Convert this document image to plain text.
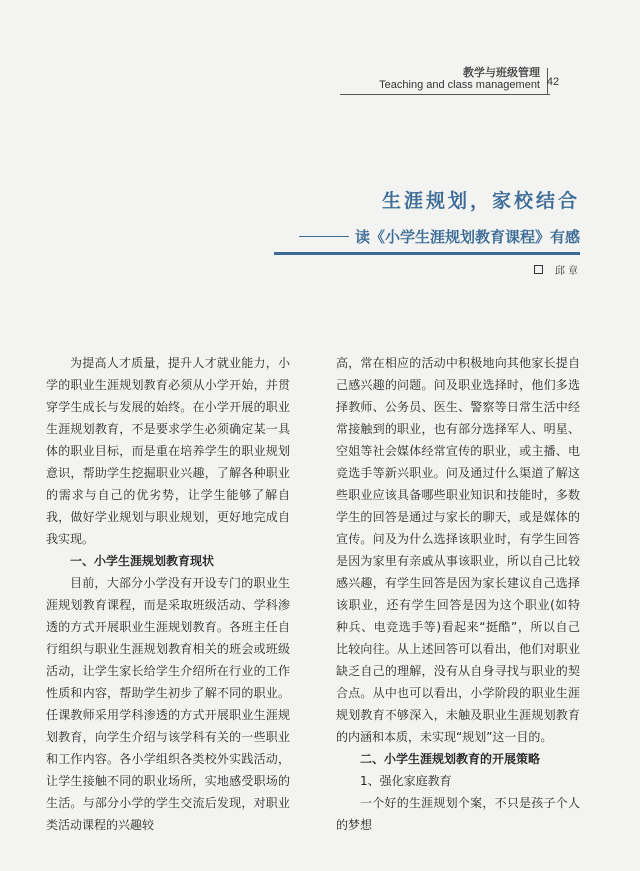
教学与班级管理
Teaching and class management 42
生涯规划，家校结合
读《小学生涯规划教育课程》有感
邱 章

为提高人才质量，提升人才就业能力，小学的职业生涯规划教育必须从小学开始，并贯穿学生成长与发展的始终。在小学开展的职业生涯规划教育，不是要求学生必须确定某一具体的职业目标，而是重在培养学生的职业规划意识，帮助学生挖掘职业兴趣，了解各种职业的需求与自己的优劣势，让学生能够了解自我，做好学业规划与职业规划，更好地完成自我实现。

一、小学生涯规划教育现状

目前，大部分小学没有开设专门的职业生涯规划教育课程，而是采取班级活动、学科渗透的方式开展职业生涯规划教育。各班主任自行组织与职业生涯规划教育相关的班会或班级活动，让学生家长给学生介绍所在行业的工作性质和内容，帮助学生初步了解不同的职业。任课教师采用学科渗透的方式开展职业生涯规划教育，向学生介绍与该学科有关的一些职业和工作内容。各小学组织各类校外实践活动，让学生接触不同的职业场所，实地感受职场的生活。与部分小学的学生交流后发现，对职业类活动课程的兴趣较

高，常在相应的活动中积极地向其他家长提自己感兴趣的问题。问及职业选择时，他们多选择教师、公务员、医生、警察等日常生活中经常接触到的职业，也有部分选择军人、明星、空姐等社会媒体经常宣传的职业，或主播、电竞选手等新兴职业。问及通过什么渠道了解这些职业应该具备哪些职业知识和技能时，多数学生的回答是通过与家长的聊天，或是媒体的宣传。问及为什么选择该职业时，有学生回答是因为家里有亲戚从事该职业，所以自己比较感兴趣，有学生回答是因为家长建议自己选择该职业，还有学生回答是因为这个职业(如特种兵、电竞选手等)看起来“挺酷”，所以自己比较向往。从上述回答可以看出，他们对职业缺乏自己的理解，没有从自身寻找与职业的契合点。从中也可以看出，小学阶段的职业生涯规划教育不够深入，未触及职业生涯规划教育的内涵和本质，未实现“规划”这一目的。

二、小学生涯规划教育的开展策略

1、强化家庭教育

一个好的生涯规划个案，不只是孩子个人的梦想
